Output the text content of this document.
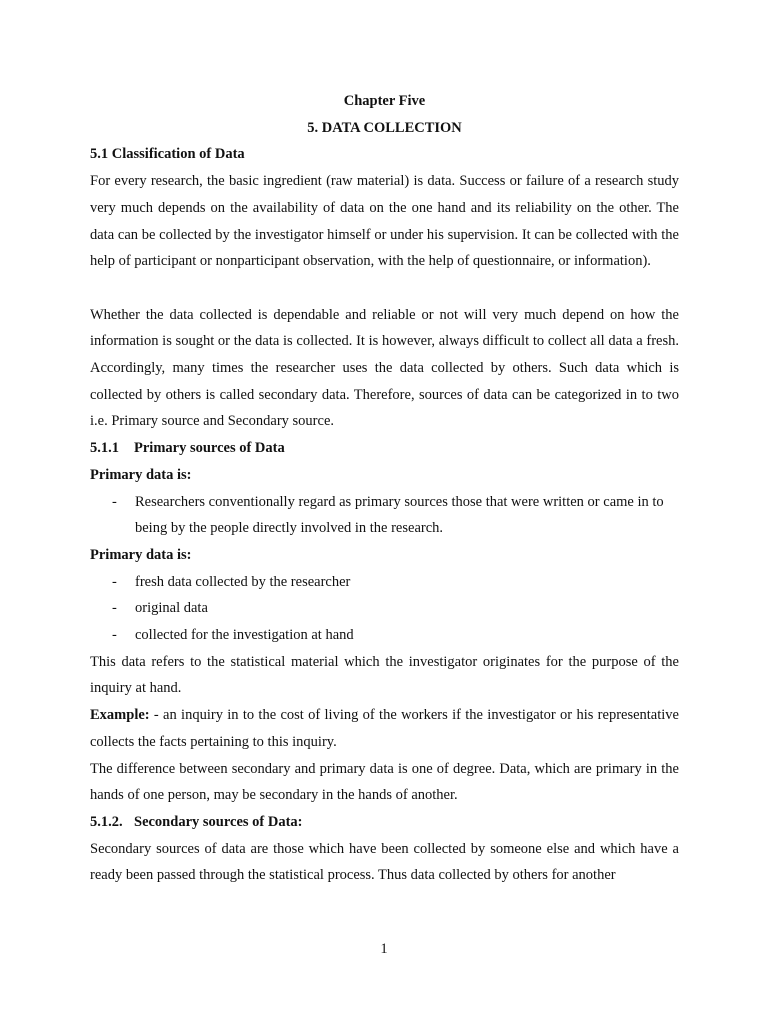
Chapter Five
5. DATA COLLECTION
5.1 Classification of Data
For every research, the basic ingredient (raw material) is data. Success or failure of a research study very much depends on the availability of data on the one hand and its reliability on the other. The data can be collected by the investigator himself or under his supervision. It can be collected with the help of participant or nonparticipant observation, with the help of questionnaire, or information).
Whether the data collected is dependable and reliable or not will very much depend on how the information is sought or the data is collected. It is however, always difficult to collect all data a fresh. Accordingly, many times the researcher uses the data collected by others. Such data which is collected by others is called secondary data. Therefore, sources of data can be categorized in to two i.e. Primary source and Secondary source.
5.1.1 Primary sources of Data
Primary data is:
-	Researchers conventionally regard as primary sources those that were written or came in to being by the people directly involved in the research.
Primary data is:
-	fresh data collected by the researcher
-	original data
-	collected for the investigation at hand
This data refers to the statistical material which the investigator originates for the purpose of the inquiry at hand.
Example: - an inquiry in to the cost of living of the workers if the investigator or his representative collects the facts pertaining to this inquiry.
The difference between secondary and primary data is one of degree. Data, which are primary in the hands of one person, may be secondary in the hands of another.
5.1.2. Secondary sources of Data:
Secondary sources of data are those which have been collected by someone else and which have a ready been passed through the statistical process. Thus data collected by others for another
1
